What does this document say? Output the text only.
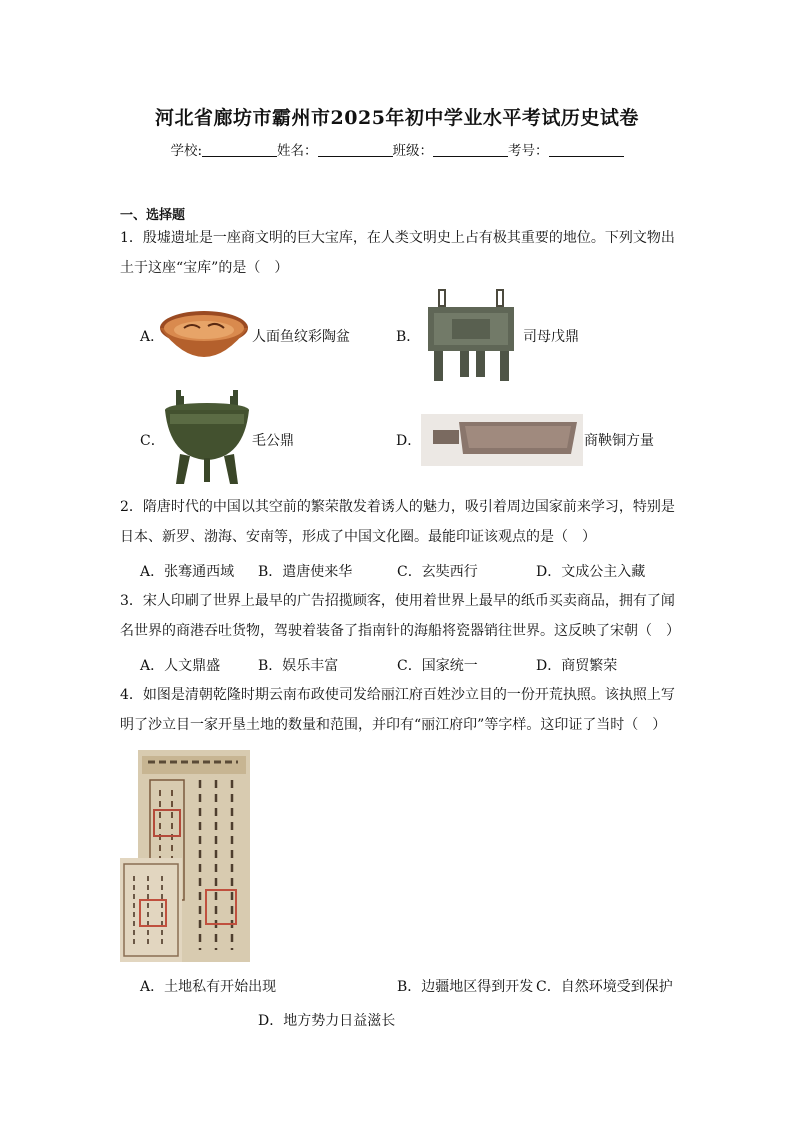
河北省廊坊市霸州市2025年初中学业水平考试历史试卷
学校:	姓名：	班级：	考号：
一、选择题
1．殷墟遗址是一座商文明的巨大宝库，在人类文明史上占有极其重要的地位。下列文物出土于这座“宝库”的是（　）
A．	人面鱼纹彩陶盆	B．	司母戊鼎
C．	毛公鼎	D．	商鞅铜方量
2．隋唐时代的中国以其空前的繁荣散发着诱人的魅力，吸引着周边国家前来学习，特别是日本、新罗、渤海、安南等，形成了中国文化圈。最能印证该观点的是（　）
A．张骞通西域 B．遣唐使来华	C．玄奘西行	D．文成公主入藏
3．宋人印刷了世界上最早的广告招揽顾客，使用着世界上最早的纸币买卖商品，拥有了闻名世界的商港吞吐货物，驾驶着装备了指南针的海船将瓷器销往世界。这反映了宋朝（　）
A．人文鼎盛	B．娱乐丰富	C．国家统一	D．商贸繁荣
4．如图是清朝乾隆时期云南布政使司发给丽江府百姓沙立目的一份开荒执照。该执照上写明了沙立目一家开垦土地的数量和范围，并印有“丽江府印”等字样。这印证了当时（　）
A．土地私有开始出现	B．边疆地区得到开发 C．自然环境受到保护
D．地方势力日益滋长
